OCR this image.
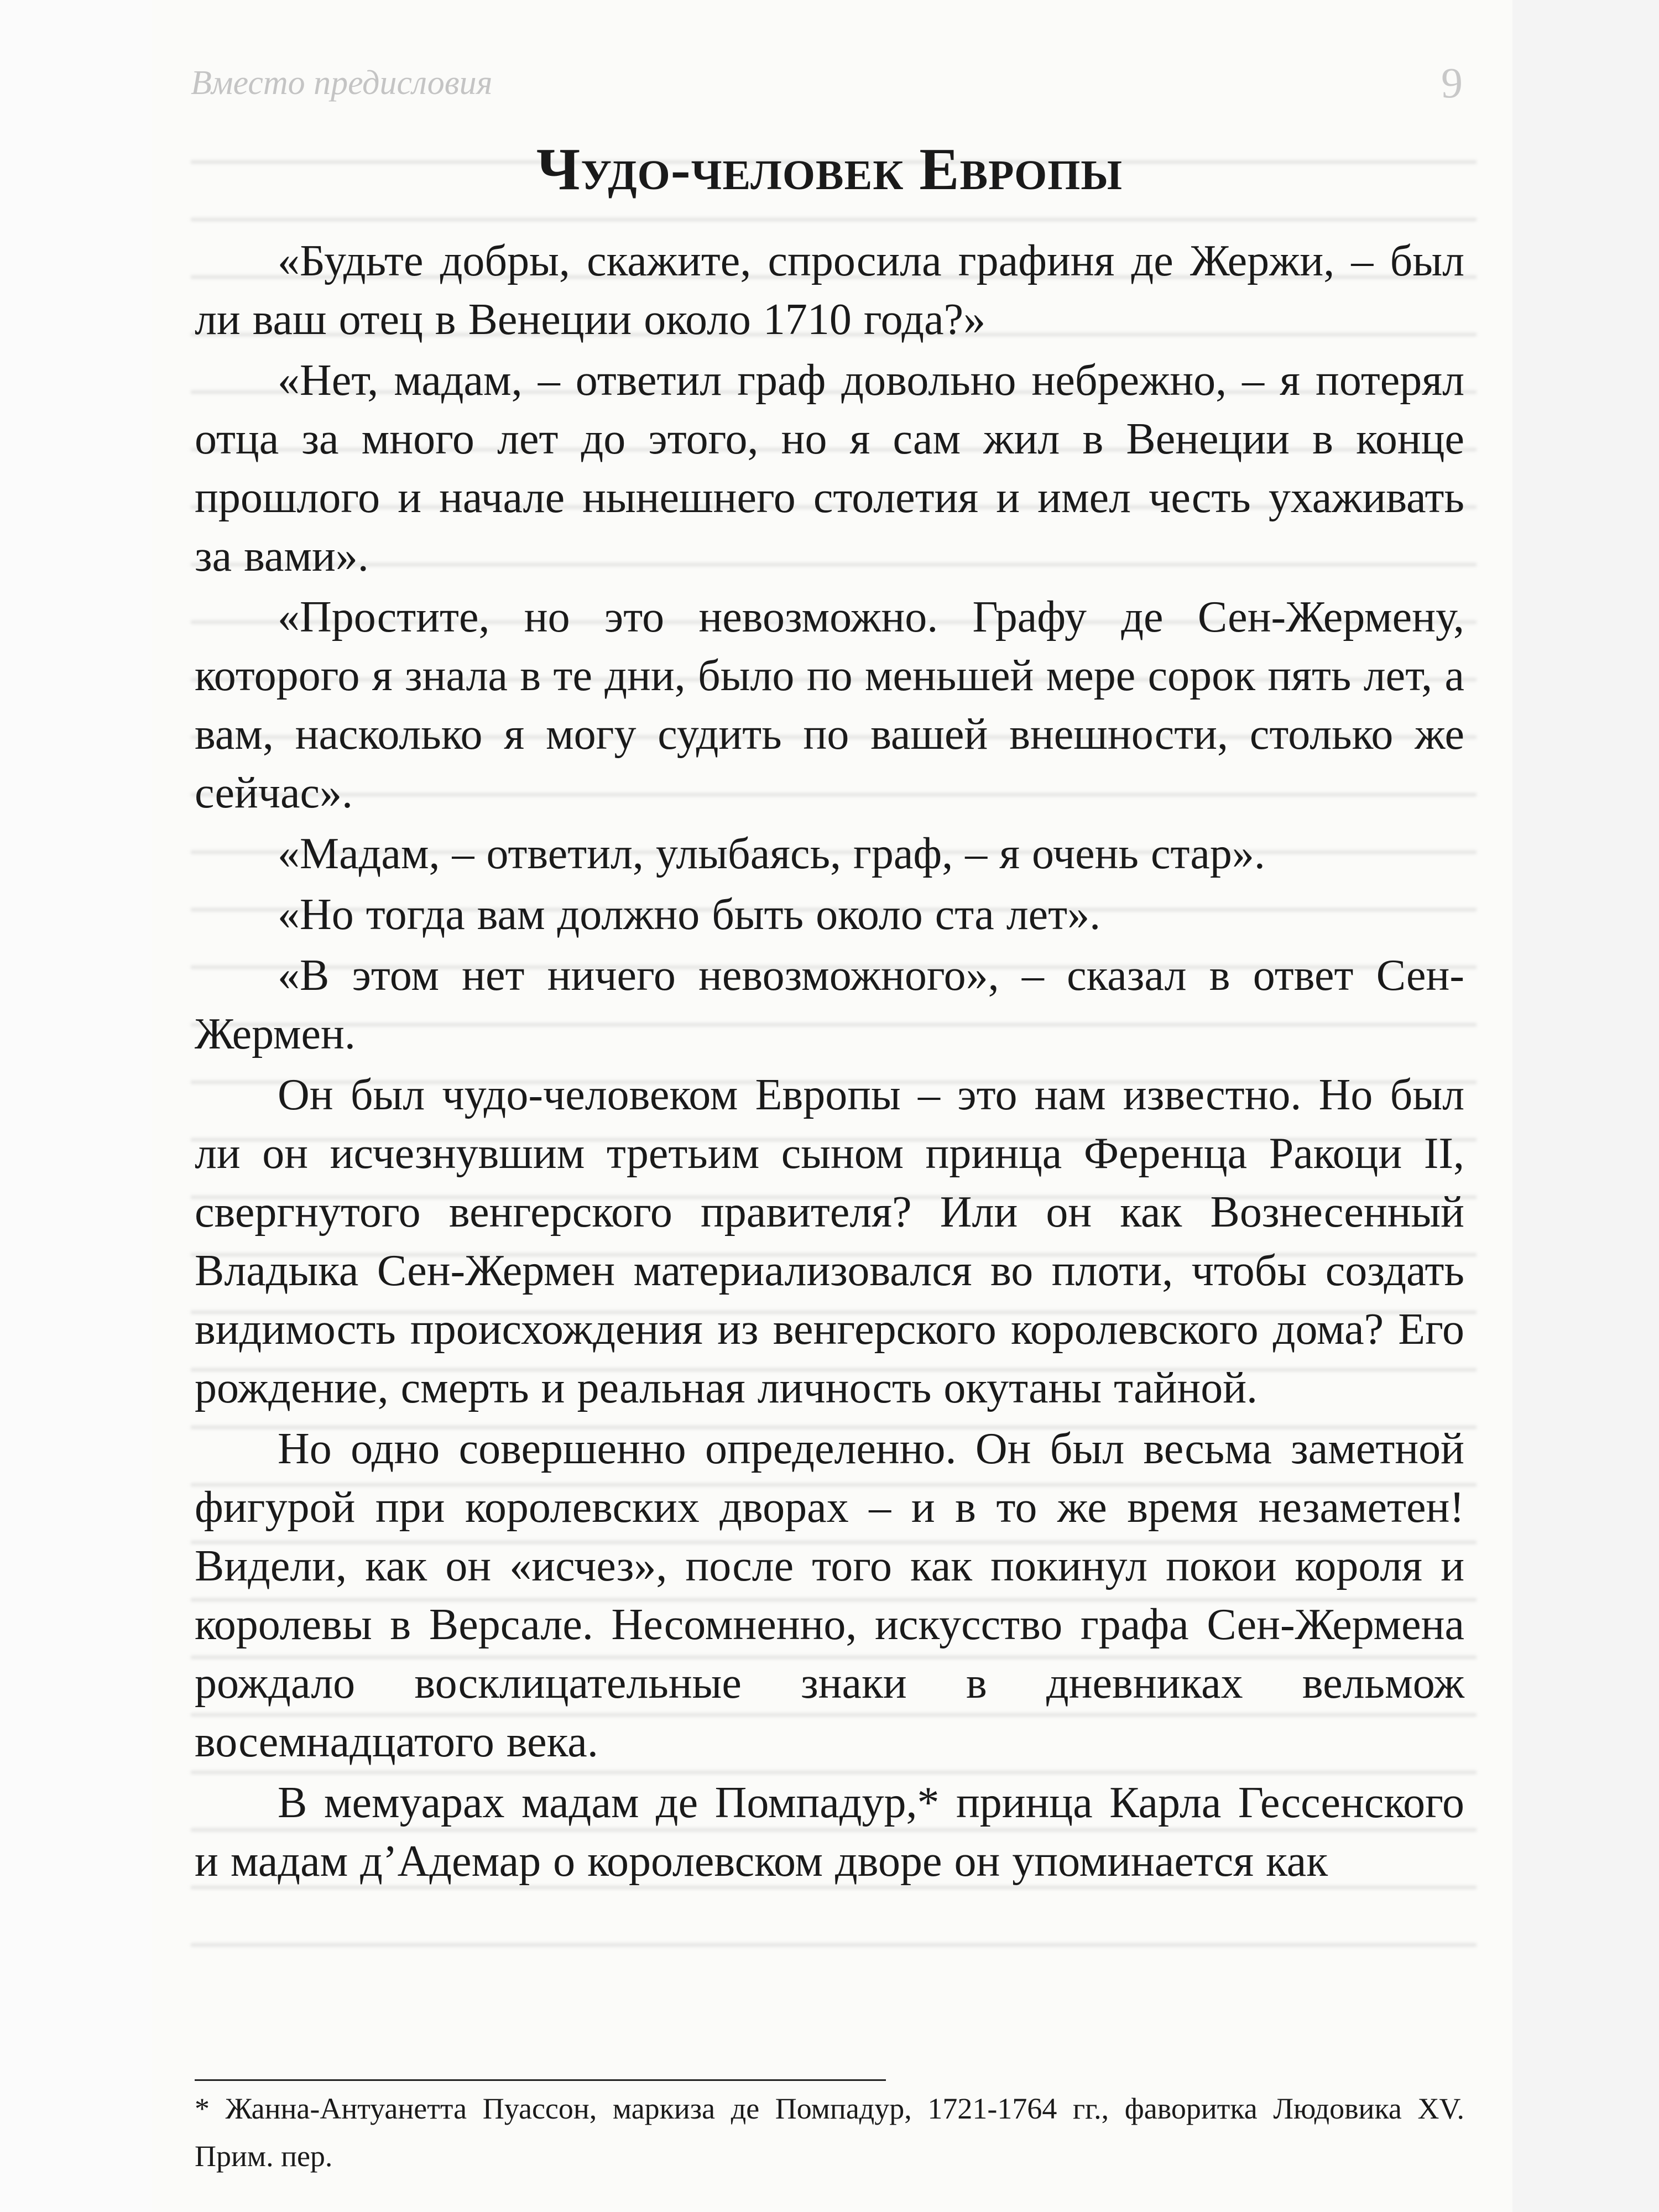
Вместо предисловия	9
Чудо-человек Европы

«Будьте добры, скажите, спросила графиня де Жержи, – был ли ваш отец в Венеции около 1710 года?»

«Нет, мадам, – ответил граф довольно небрежно, – я потерял отца за много лет до этого, но я сам жил в Венеции в конце прошлого и начале нынешнего столетия и имел честь ухаживать за вами».

«Простите, но это невозможно. Графу де Сен-Жермену, которого я знала в те дни, было по меньшей мере сорок пять лет, а вам, насколько я могу судить по вашей внешности, столько же сейчас».

«Мадам, – ответил, улыбаясь, граф, – я очень стар».

«Но тогда вам должно быть около ста лет».

«В этом нет ничего невозможного», – сказал в ответ Сен-Жермен.

Он был чудо-человеком Европы – это нам известно. Но был ли он исчезнувшим третьим сыном принца Ференца Ракоци II, свергнутого венгерского правителя? Или он как Вознесенный Владыка Сен-Жермен материализовался во плоти, чтобы создать видимость происхождения из венгерского королевского дома? Его рождение, смерть и реальная личность окутаны тайной.

Но одно совершенно определенно. Он был весьма заметной фигурой при королевских дворах – и в то же время незаметен! Видели, как он «исчез», после того как покинул покои короля и королевы в Версале. Несомненно, искусство графа Сен-Жермена рождало восклицательные знаки в дневниках вельмож восемнадцатого века.

В мемуарах мадам де Помпадур,* принца Карла Гессенского и мадам д’Адемар о королевском дворе он упоминается как

* Жанна-Антуанетта Пуассон, маркиза де Помпадур, 1721-1764 гг., фаворитка Людовика XV. Прим. пер.
